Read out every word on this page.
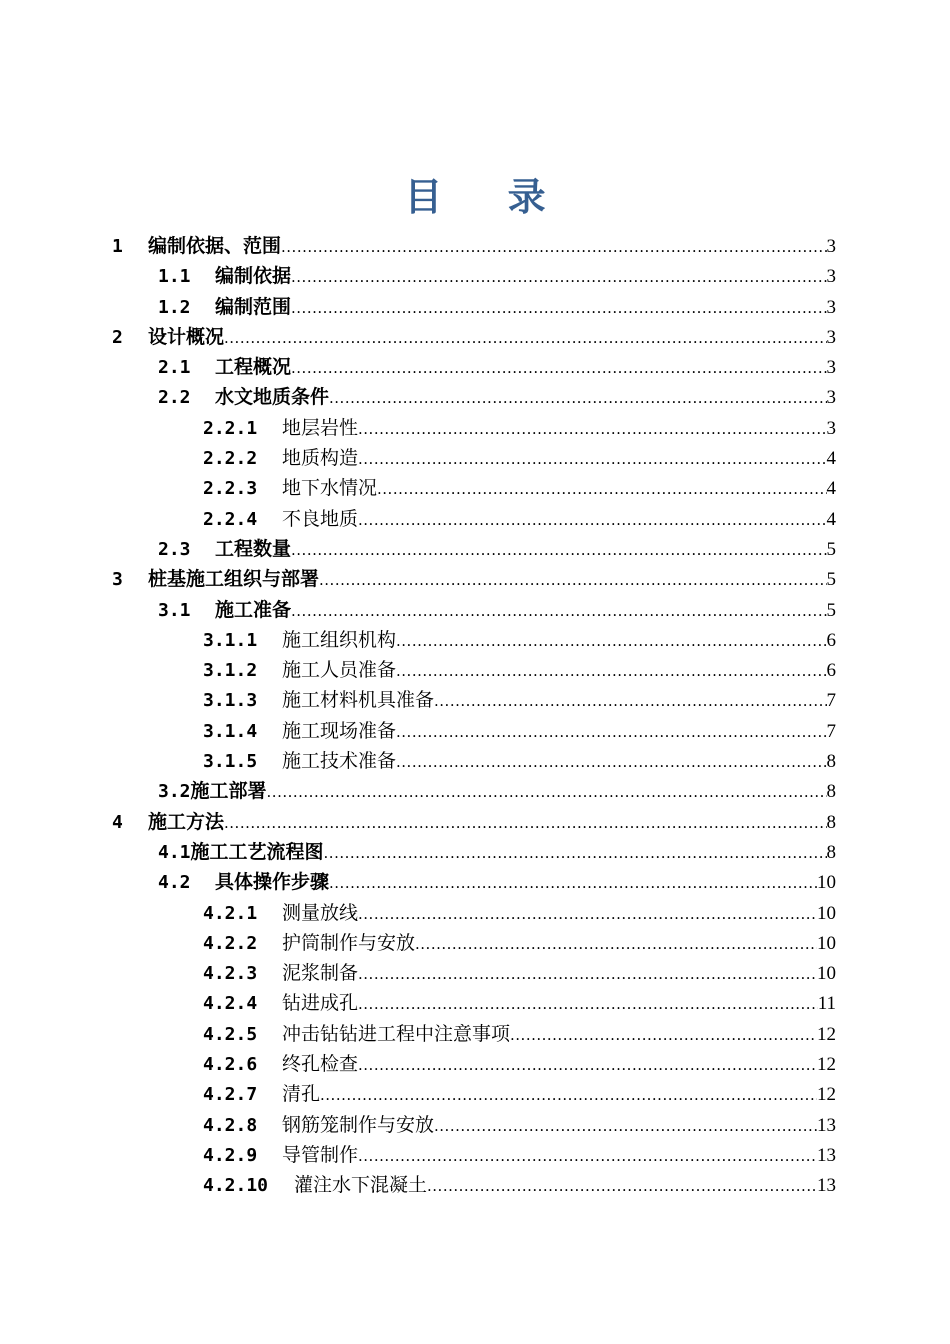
目 录
1	编制依据、范围 .....	3
1.1	编制依据 .....	3
1.2	编制范围 .....	3
2	设计概况 .....	3
2.1	工程概况 .....	3
2.2	水文地质条件 .....	3
2.2.1	地层岩性 .....	3
2.2.2	地质构造 .....	4
2.2.3	地下水情况 .....	4
2.2.4	不良地质 .....	4
2.3	工程数量 .....	5
3	桩基施工组织与部署 .....	5
3.1	施工准备 .....	5
3.1.1	施工组织机构 .....	6
3.1.2	施工人员准备 .....	6
3.1.3	施工材料机具准备 .....	7
3.1.4	施工现场准备 .....	7
3.1.5	施工技术准备 .....	8
3.2 施工部署 .....	8
4	施工方法 .....	8
4.1 施工工艺流程图 .....	8
4.2	具体操作步骤 .....	10
4.2.1	测量放线 .....	10
4.2.2	护筒制作与安放 .....	10
4.2.3	泥浆制备 .....	10
4.2.4	钻进成孔 .....	11
4.2.5	冲击钻钻进工程中注意事项 .....	12
4.2.6	终孔检查 .....	12
4.2.7	清孔 .....	12
4.2.8	钢筋笼制作与安放 .....	13
4.2.9	导管制作 .....	13
4.2.10	灌注水下混凝土 .....	13
